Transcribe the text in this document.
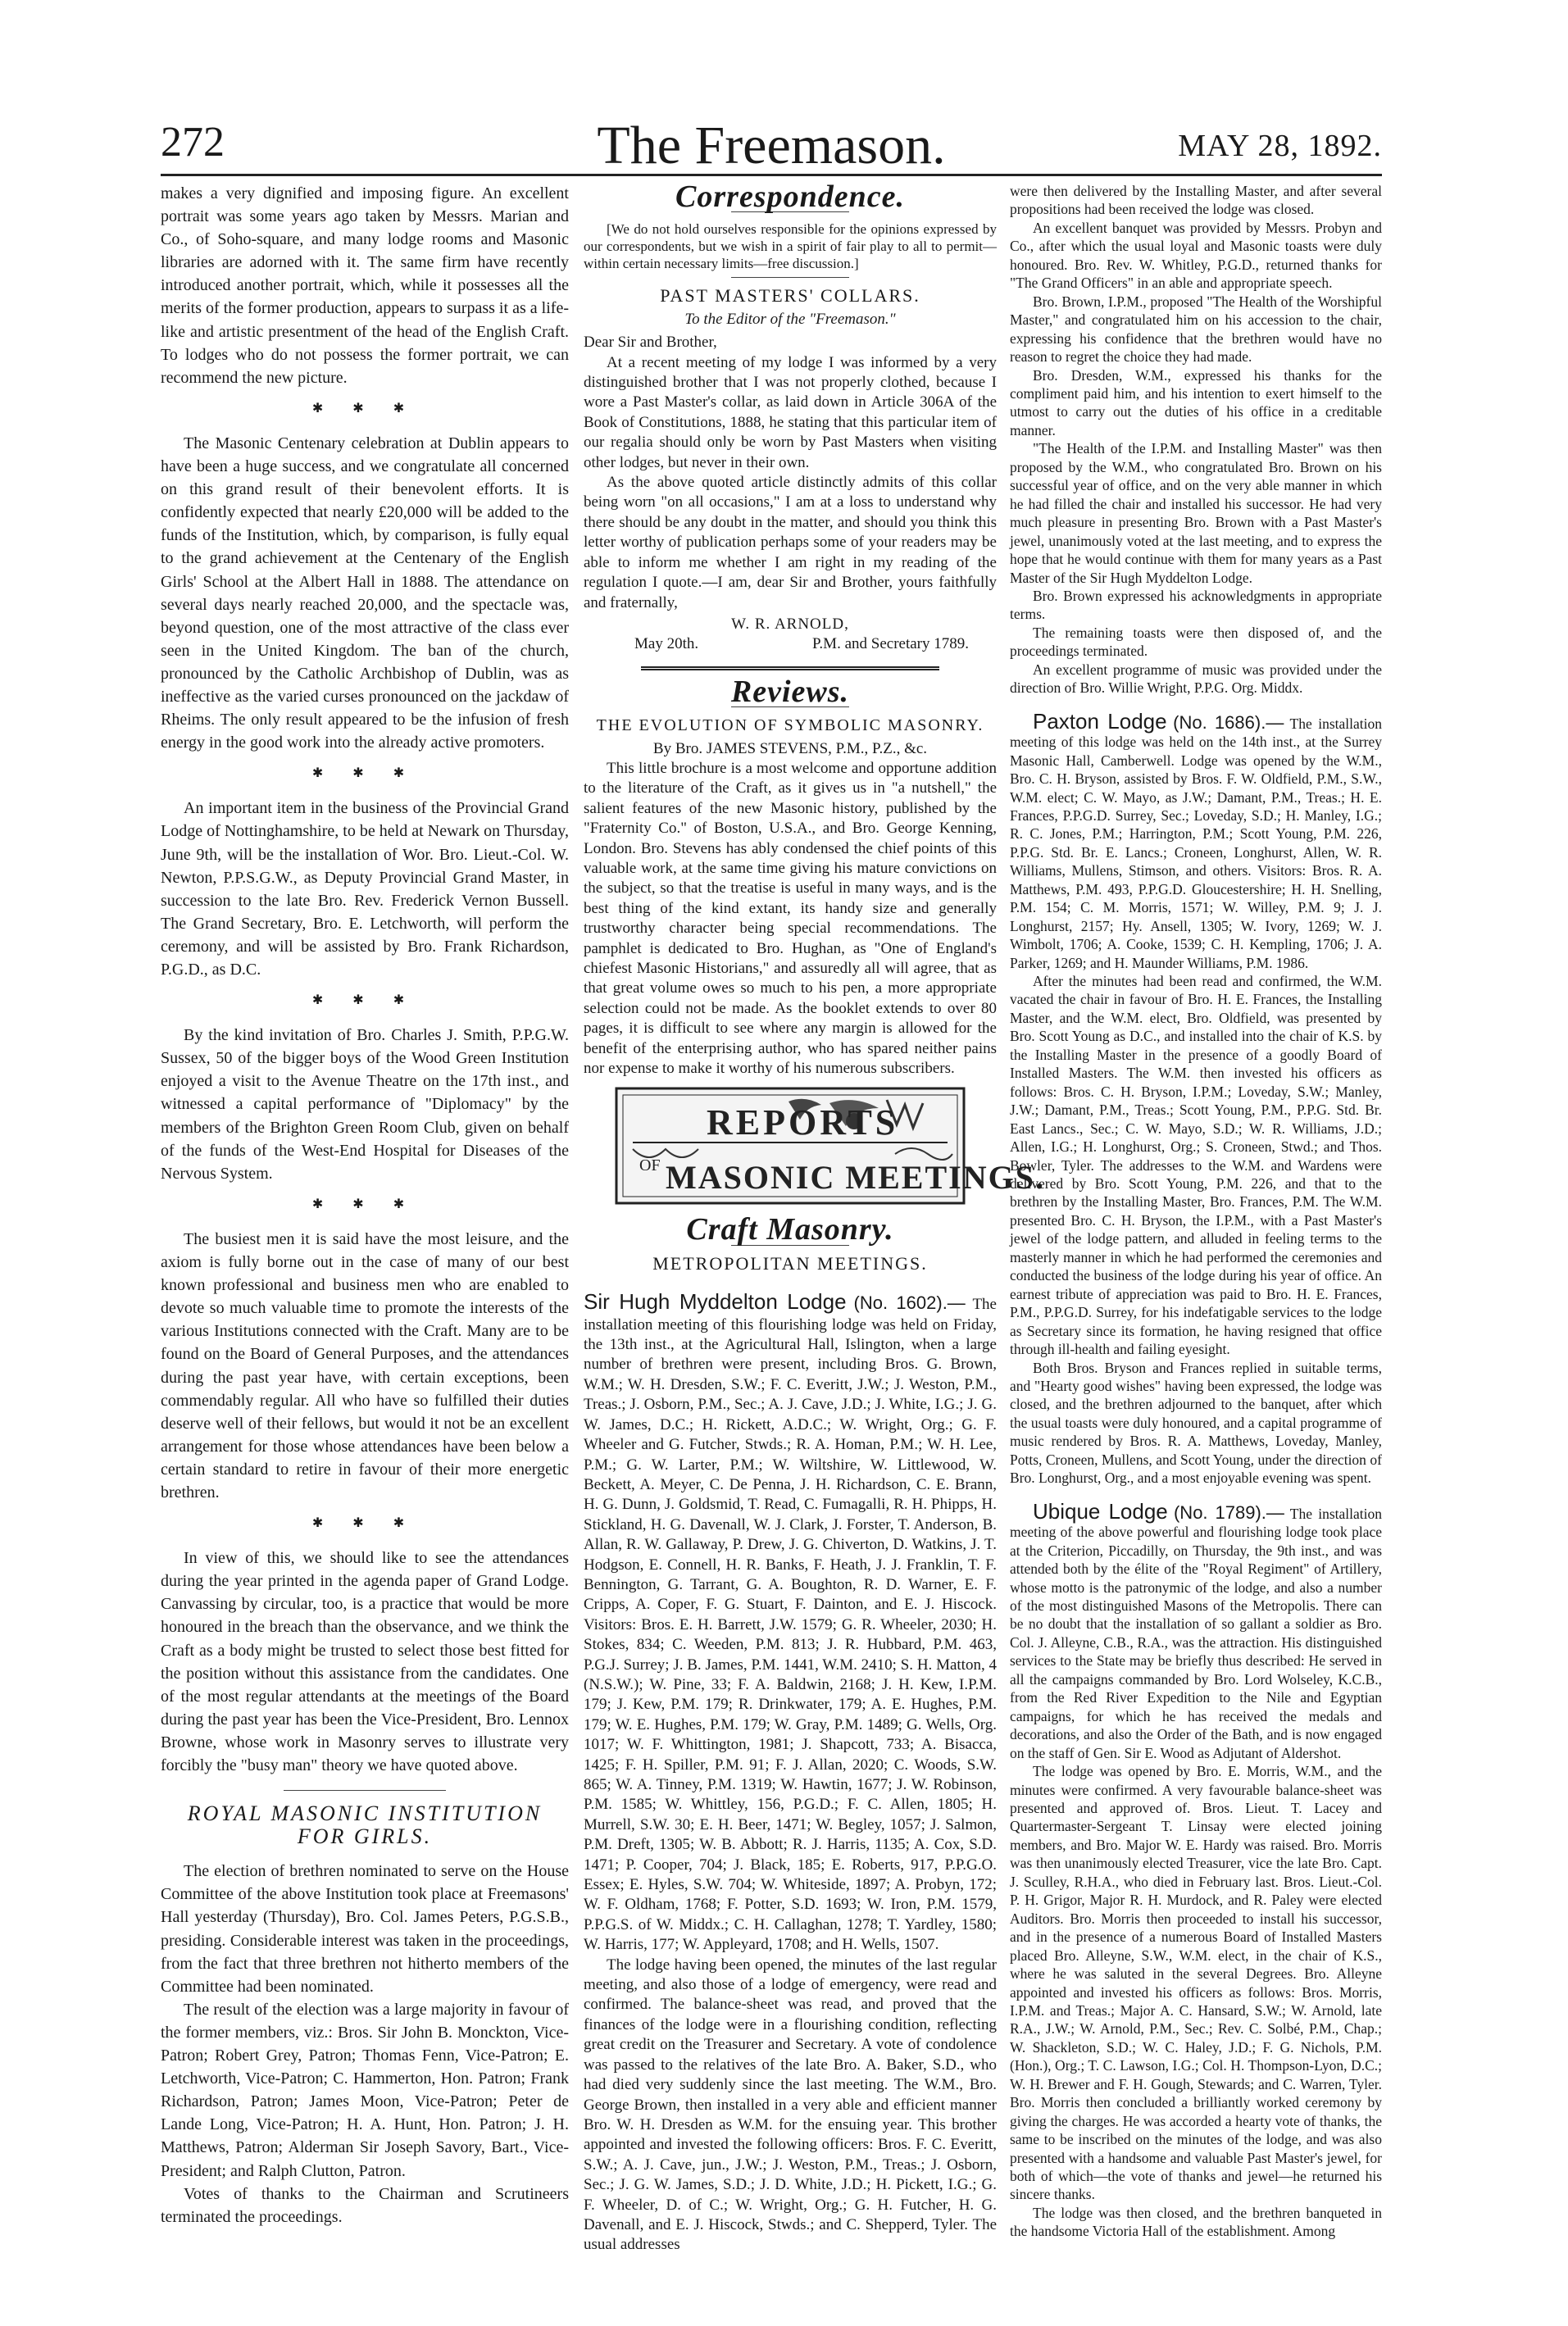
272	The Freemason.	MAY 28, 1892.

makes a very dignified and imposing figure. An excellent portrait was some years ago taken by Messrs. Marian and Co., of Soho-square, and many lodge rooms and Masonic libraries are adorned with it. The same firm have recently introduced another portrait, which, while it possesses all the merits of the former production, appears to surpass it as a life-like and artistic presentment of the head of the English Craft. To lodges who do not possess the former portrait, we can recommend the new picture.

✱ ✱ ✱

The Masonic Centenary celebration at Dublin appears to have been a huge success, and we congratulate all concerned on this grand result of their benevolent efforts. It is confidently expected that nearly £20,000 will be added to the funds of the Institution, which, by comparison, is fully equal to the grand achievement at the Centenary of the English Girls' School at the Albert Hall in 1888. The attendance on several days nearly reached 20,000, and the spectacle was, beyond question, one of the most attractive of the class ever seen in the United Kingdom. The ban of the church, pronounced by the Catholic Archbishop of Dublin, was as ineffective as the varied curses pronounced on the jackdaw of Rheims. The only result appeared to be the infusion of fresh energy in the good work into the already active promoters.

✱ ✱ ✱

An important item in the business of the Provincial Grand Lodge of Nottinghamshire, to be held at Newark on Thursday, June 9th, will be the installation of Wor. Bro. Lieut.-Col. W. Newton, P.P.S.G.W., as Deputy Provincial Grand Master, in succession to the late Bro. Rev. Frederick Vernon Bussell. The Grand Secretary, Bro. E. Letchworth, will perform the ceremony, and will be assisted by Bro. Frank Richardson, P.G.D., as D.C.

✱ ✱ ✱

By the kind invitation of Bro. Charles J. Smith, P.P.G.W. Sussex, 50 of the bigger boys of the Wood Green Institution enjoyed a visit to the Avenue Theatre on the 17th inst., and witnessed a capital performance of "Diplomacy" by the members of the Brighton Green Room Club, given on behalf of the funds of the West-End Hospital for Diseases of the Nervous System.

✱ ✱ ✱

The busiest men it is said have the most leisure, and the axiom is fully borne out in the case of many of our best known professional and business men who are enabled to devote so much valuable time to promote the interests of the various Institutions connected with the Craft. Many are to be found on the Board of General Purposes, and the attendances during the past year have, with certain exceptions, been commendably regular. All who have so fulfilled their duties deserve well of their fellows, but would it not be an excellent arrangement for those whose attendances have been below a certain standard to retire in favour of their more energetic brethren.

✱ ✱ ✱

In view of this, we should like to see the attendances during the year printed in the agenda paper of Grand Lodge. Canvassing by circular, too, is a practice that would be more honoured in the breach than the observance, and we think the Craft as a body might be trusted to select those best fitted for the position without this assistance from the candidates. One of the most regular attendants at the meetings of the Board during the past year has been the Vice-President, Bro. Lennox Browne, whose work in Masonry serves to illustrate very forcibly the "busy man" theory we have quoted above.

ROYAL MASONIC INSTITUTION FOR GIRLS.

The election of brethren nominated to serve on the House Committee of the above Institution took place at Freemasons' Hall yesterday (Thursday), Bro. Col. James Peters, P.G.S.B., presiding. Considerable interest was taken in the proceedings, from the fact that three brethren not hitherto members of the Committee had been nominated.

The result of the election was a large majority in favour of the former members, viz.: Bros. Sir John B. Monckton, Vice-Patron; Robert Grey, Patron; Thomas Fenn, Vice-Patron; E. Letchworth, Vice-Patron; C. Hammerton, Hon. Patron; Frank Richardson, Patron; James Moon, Vice-Patron; Peter de Lande Long, Vice-Patron; H. A. Hunt, Hon. Patron; J. H. Matthews, Patron; Alderman Sir Joseph Savory, Bart., Vice-President; and Ralph Clutton, Patron.

Votes of thanks to the Chairman and Scrutineers terminated the proceedings.

Correspondence.

[We do not hold ourselves responsible for the opinions expressed by our correspondents, but we wish in a spirit of fair play to all to permit—within certain necessary limits—free discussion.]

PAST MASTERS' COLLARS.
To the Editor of the "Freemason."

Dear Sir and Brother,

At a recent meeting of my lodge I was informed by a very distinguished brother that I was not properly clothed, because I wore a Past Master's collar, as laid down in Article 306A of the Book of Constitutions, 1888, he stating that this particular item of our regalia should only be worn by Past Masters when visiting other lodges, but never in their own.

As the above quoted article distinctly admits of this collar being worn "on all occasions," I am at a loss to understand why there should be any doubt in the matter, and should you think this letter worthy of publication perhaps some of your readers may be able to inform me whether I am right in my reading of the regulation I quote.—I am, dear Sir and Brother, yours faithfully and fraternally,

W. R. ARNOLD,
May 20th.	P.M. and Secretary 1789.
Reviews.
THE EVOLUTION OF SYMBOLIC MASONRY.
By Bro. JAMES STEVENS, P.M., P.Z., &c.

This little brochure is a most welcome and opportune addition to the literature of the Craft, as it gives us in "a nutshell," the salient features of the new Masonic history, published by the "Fraternity Co." of Boston, U.S.A., and Bro. George Kenning, London. Bro. Stevens has ably condensed the chief points of this valuable work, at the same time giving his mature convictions on the subject, so that the treatise is useful in many ways, and is the best thing of the kind extant, its handy size and generally trustworthy character being special recommendations. The pamphlet is dedicated to Bro. Hughan, as "One of England's chiefest Masonic Historians," and assuredly all will agree, that as that great volume owes so much to his pen, a more appropriate selection could not be made. As the booklet extends to over 80 pages, it is difficult to see where any margin is allowed for the benefit of the enterprising author, who has spared neither pains nor expense to make it worthy of his numerous subscribers.

REPORTS
MASONIC MEETINGS.
OF
Craft Masonry.
METROPOLITAN MEETINGS.

Sir Hugh Myddelton Lodge (No. 1602).— The installation meeting of this flourishing lodge was held on Friday, the 13th inst., at the Agricultural Hall, Islington, when a large number of brethren were present, including Bros. G. Brown, W.M.; W. H. Dresden, S.W.; F. C. Everitt, J.W.; J. Weston, P.M., Treas.; J. Osborn, P.M., Sec.; A. J. Cave, J.D.; J. White, I.G.; J. G. W. James, D.C.; H. Rickett, A.D.C.; W. Wright, Org.; G. F. Wheeler and G. Futcher, Stwds.; R. A. Homan, P.M.; W. H. Lee, P.M.; G. W. Larter, P.M.; W. Wiltshire, W. Littlewood, W. Beckett, A. Meyer, C. De Penna, J. H. Richardson, C. E. Brann, H. G. Dunn, J. Goldsmid, T. Read, C. Fumagalli, R. H. Phipps, H. Stickland, H. G. Davenall, W. J. Clark, J. Forster, T. Anderson, B. Allan, R. W. Gallaway, P. Drew, J. G. Chiverton, D. Watkins, J. T. Hodgson, E. Connell, H. R. Banks, F. Heath, J. J. Franklin, T. F. Bennington, G. Tarrant, G. A. Boughton, R. D. Warner, E. F. Cripps, A. Coper, F. G. Stuart, F. Dainton, and E. J. Hiscock. Visitors: Bros. E. H. Barrett, J.W. 1579; G. R. Wheeler, 2030; H. Stokes, 834; C. Weeden, P.M. 813; J. R. Hubbard, P.M. 463, P.G.J. Surrey; J. B. James, P.M. 1441, W.M. 2410; S. H. Matton, 4 (N.S.W.); W. Pine, 33; F. A. Baldwin, 2168; J. H. Kew, I.P.M. 179; J. Kew, P.M. 179; R. Drinkwater, 179; A. E. Hughes, P.M. 179; W. E. Hughes, P.M. 179; W. Gray, P.M. 1489; G. Wells, Org. 1017; W. F. Whittington, 1981; J. Shapcott, 733; A. Bisacca, 1425; F. H. Spiller, P.M. 91; F. J. Allan, 2020; C. Woods, S.W. 865; W. A. Tinney, P.M. 1319; W. Hawtin, 1677; J. W. Robinson, P.M. 1585; W. Whittley, 156, P.G.D.; F. C. Allen, 1805; H. Murrell, S.W. 30; E. H. Beer, 1471; W. Begley, 1057; J. Salmon, P.M. Dreft, 1305; W. B. Abbott; R. J. Harris, 1135; A. Cox, S.D. 1471; P. Cooper, 704; J. Black, 185; E. Roberts, 917, P.P.G.O. Essex; E. Hyles, S.W. 704; W. Whiteside, 1897; A. Probyn, 172; W. F. Oldham, 1768; F. Potter, S.D. 1693; W. Iron, P.M. 1579, P.P.G.S. of W. Middx.; C. H. Callaghan, 1278; T. Yardley, 1580; W. Harris, 177; W. Appleyard, 1708; and H. Wells, 1507.

The lodge having been opened, the minutes of the last regular meeting, and also those of a lodge of emergency, were read and confirmed. The balance-sheet was read, and proved that the finances of the lodge were in a flourishing condition, reflecting great credit on the Treasurer and Secretary. A vote of condolence was passed to the relatives of the late Bro. A. Baker, S.D., who had died very suddenly since the last meeting. The W.M., Bro. George Brown, then installed in a very able and efficient manner Bro. W. H. Dresden as W.M. for the ensuing year. This brother appointed and invested the following officers: Bros. F. C. Everitt, S.W.; A. J. Cave, jun., J.W.; J. Weston, P.M., Treas.; J. Osborn, Sec.; J. G. W. James, S.D.; J. D. White, J.D.; H. Pickett, I.G.; G. F. Wheeler, D. of C.; W. Wright, Org.; G. H. Futcher, H. G. Davenall, and E. J. Hiscock, Stwds.; and C. Shepperd, Tyler. The usual addresses

were then delivered by the Installing Master, and after several propositions had been received the lodge was closed.

An excellent banquet was provided by Messrs. Probyn and Co., after which the usual loyal and Masonic toasts were duly honoured. Bro. Rev. W. Whitley, P.G.D., returned thanks for "The Grand Officers" in an able and appropriate speech.

Bro. Brown, I.P.M., proposed "The Health of the Worshipful Master," and congratulated him on his accession to the chair, expressing his confidence that the brethren would have no reason to regret the choice they had made.

Bro. Dresden, W.M., expressed his thanks for the compliment paid him, and his intention to exert himself to the utmost to carry out the duties of his office in a creditable manner.

"The Health of the I.P.M. and Installing Master" was then proposed by the W.M., who congratulated Bro. Brown on his successful year of office, and on the very able manner in which he had filled the chair and installed his successor. He had very much pleasure in presenting Bro. Brown with a Past Master's jewel, unanimously voted at the last meeting, and to express the hope that he would continue with them for many years as a Past Master of the Sir Hugh Myddelton Lodge.

Bro. Brown expressed his acknowledgments in appropriate terms.

The remaining toasts were then disposed of, and the proceedings terminated.

An excellent programme of music was provided under the direction of Bro. Willie Wright, P.P.G. Org. Middx.

Paxton Lodge (No. 1686).— The installation meeting of this lodge was held on the 14th inst., at the Surrey Masonic Hall, Camberwell. Lodge was opened by the W.M., Bro. C. H. Bryson, assisted by Bros. F. W. Oldfield, P.M., S.W., W.M. elect; C. W. Mayo, as J.W.; Damant, P.M., Treas.; H. E. Frances, P.P.G.D. Surrey, Sec.; Loveday, S.D.; H. Manley, I.G.; R. C. Jones, P.M.; Harrington, P.M.; Scott Young, P.M. 226, P.P.G. Std. Br. E. Lancs.; Croneen, Longhurst, Allen, W. R. Williams, Mullens, Stimson, and others. Visitors: Bros. R. A. Matthews, P.M. 493, P.P.G.D. Gloucestershire; H. H. Snelling, P.M. 154; C. M. Morris, 1571; W. Willey, P.M. 9; J. J. Longhurst, 2157; Hy. Ansell, 1305; W. Ivory, 1269; W. J. Wimbolt, 1706; A. Cooke, 1539; C. H. Kempling, 1706; J. A. Parker, 1269; and H. Maunder Williams, P.M. 1986.

After the minutes had been read and confirmed, the W.M. vacated the chair in favour of Bro. H. E. Frances, the Installing Master, and the W.M. elect, Bro. Oldfield, was presented by Bro. Scott Young as D.C., and installed into the chair of K.S. by the Installing Master in the presence of a goodly Board of Installed Masters. The W.M. then invested his officers as follows: Bros. C. H. Bryson, I.P.M.; Loveday, S.W.; Manley, J.W.; Damant, P.M., Treas.; Scott Young, P.M., P.P.G. Std. Br. East Lancs., Sec.; C. W. Mayo, S.D.; W. R. Williams, J.D.; Allen, I.G.; H. Longhurst, Org.; S. Croneen, Stwd.; and Thos. Bowler, Tyler. The addresses to the W.M. and Wardens were delivered by Bro. Scott Young, P.M. 226, and that to the brethren by the Installing Master, Bro. Frances, P.M. The W.M. presented Bro. C. H. Bryson, the I.P.M., with a Past Master's jewel of the lodge pattern, and alluded in feeling terms to the masterly manner in which he had performed the ceremonies and conducted the business of the lodge during his year of office. An earnest tribute of appreciation was paid to Bro. H. E. Frances, P.M., P.P.G.D. Surrey, for his indefatigable services to the lodge as Secretary since its formation, he having resigned that office through ill-health and failing eyesight.

Both Bros. Bryson and Frances replied in suitable terms, and "Hearty good wishes" having been expressed, the lodge was closed, and the brethren adjourned to the banquet, after which the usual toasts were duly honoured, and a capital programme of music rendered by Bros. R. A. Matthews, Loveday, Manley, Potts, Croneen, Mullens, and Scott Young, under the direction of Bro. Longhurst, Org., and a most enjoyable evening was spent.

Ubique Lodge (No. 1789).— The installation meeting of the above powerful and flourishing lodge took place at the Criterion, Piccadilly, on Thursday, the 9th inst., and was attended both by the élite of the "Royal Regiment" of Artillery, whose motto is the patronymic of the lodge, and also a number of the most distinguished Masons of the Metropolis. There can be no doubt that the installation of so gallant a soldier as Bro. Col. J. Alleyne, C.B., R.A., was the attraction. His distinguished services to the State may be briefly thus described: He served in all the campaigns commanded by Bro. Lord Wolseley, K.C.B., from the Red River Expedition to the Nile and Egyptian campaigns, for which he has received the medals and decorations, and also the Order of the Bath, and is now engaged on the staff of Gen. Sir E. Wood as Adjutant of Aldershot.

The lodge was opened by Bro. E. Morris, W.M., and the minutes were confirmed. A very favourable balance-sheet was presented and approved of. Bros. Lieut. T. Lacey and Quartermaster-Sergeant T. Linsay were elected joining members, and Bro. Major W. E. Hardy was raised. Bro. Morris was then unanimously elected Treasurer, vice the late Bro. Capt. J. Sculley, R.H.A., who died in February last. Bros. Lieut.-Col. P. H. Grigor, Major R. H. Murdock, and R. Paley were elected Auditors. Bro. Morris then proceeded to install his successor, and in the presence of a numerous Board of Installed Masters placed Bro. Alleyne, S.W., W.M. elect, in the chair of K.S., where he was saluted in the several Degrees. Bro. Alleyne appointed and invested his officers as follows: Bros. Morris, I.P.M. and Treas.; Major A. C. Hansard, S.W.; W. Arnold, late R.A., J.W.; W. Arnold, P.M., Sec.; Rev. C. Solbé, P.M., Chap.; W. Shackleton, S.D.; W. C. Haley, J.D.; F. G. Nichols, P.M. (Hon.), Org.; T. C. Lawson, I.G.; Col. H. Thompson-Lyon, D.C.; W. H. Brewer and F. H. Gough, Stewards; and C. Warren, Tyler. Bro. Morris then concluded a brilliantly worked ceremony by giving the charges. He was accorded a hearty vote of thanks, the same to be inscribed on the minutes of the lodge, and was also presented with a handsome and valuable Past Master's jewel, for both of which—the vote of thanks and jewel—he returned his sincere thanks.

The lodge was then closed, and the brethren banqueted in the handsome Victoria Hall of the establishment. Among
